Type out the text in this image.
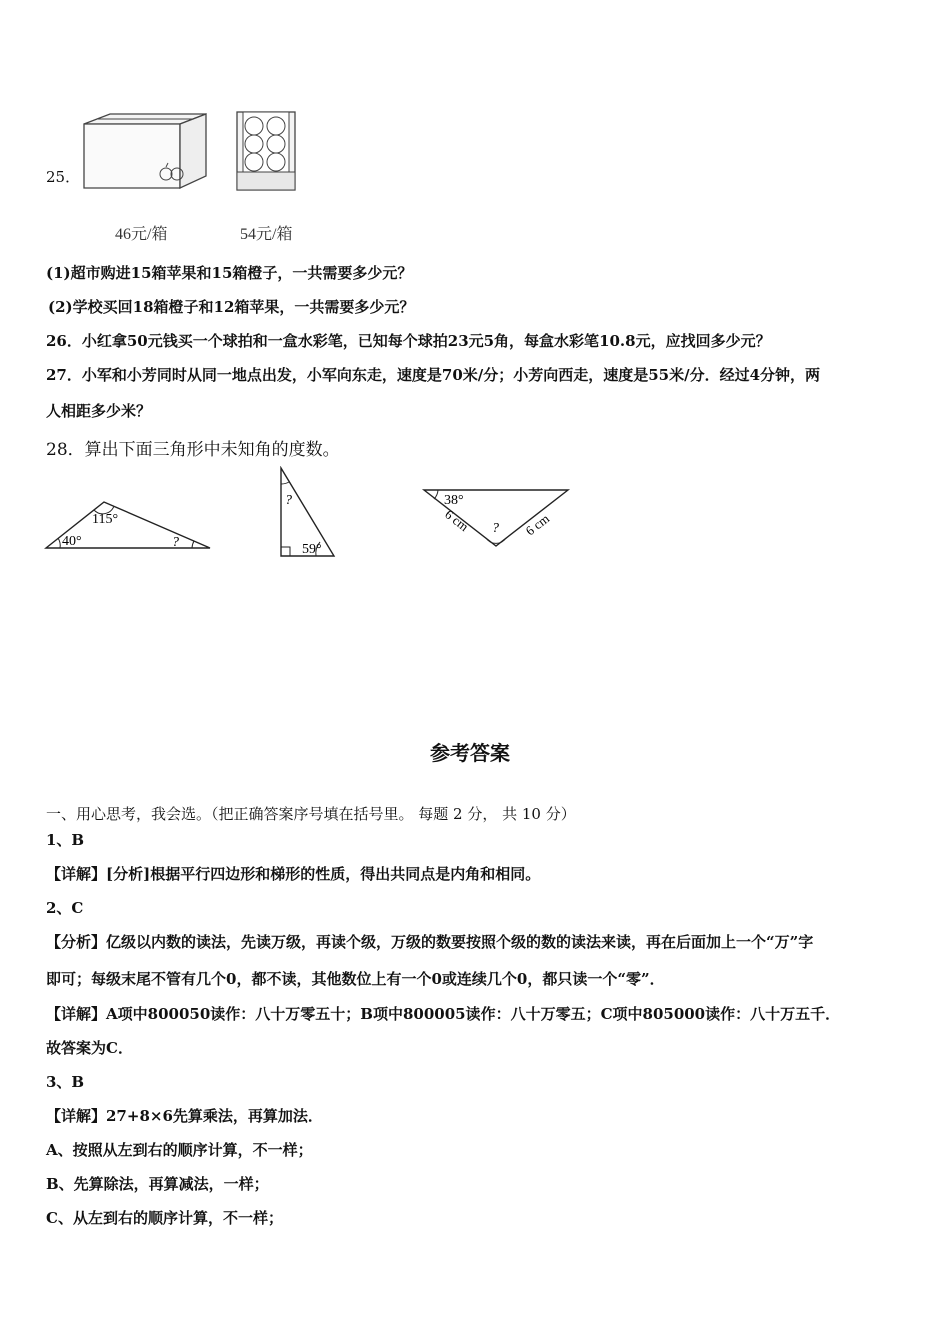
25．
46元/箱	54元/箱
(1)超市购进15箱苹果和15箱橙子，一共需要多少元？
(2)学校买回18箱橙子和12箱苹果，一共需要多少元？
26．小红拿50元钱买一个球拍和一盒水彩笔，已知每个球拍23元5角，每盒水彩笔10.8元，应找回多少元？
27．小军和小芳同时从同一地点出发，小军向东走，速度是70米/分；小芳向西走，速度是55米/分．经过4分钟，两
人相距多少米？
28．算出下面三角形中未知角的度数。
115°
40°	?
?
59°
38°
?
6 cm	6 cm
参考答案
一、用心思考，我会选。（把正确答案序号填在括号里。 每题 2 分， 共 10 分）
1、B
【详解】[分析]根据平行四边形和梯形的性质，得出共同点是内角和相同。
2、C
【分析】亿级以内数的读法，先读万级，再读个级，万级的数要按照个级的数的读法来读，再在后面加上一个“万”字
即可；每级末尾不管有几个0，都不读，其他数位上有一个0或连续几个0，都只读一个“零”．
【详解】A项中800050读作：八十万零五十；B项中800005读作：八十万零五；C项中805000读作：八十万五千．
故答案为C．
3、B
【详解】27+8×6先算乘法，再算加法．
A、按照从左到右的顺序计算，不一样；
B、先算除法，再算减法，一样；
C、从左到右的顺序计算，不一样；
